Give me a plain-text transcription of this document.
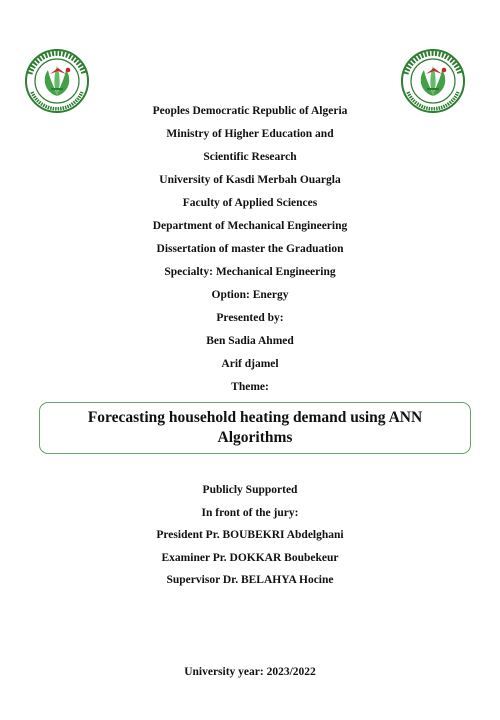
Peoples Democratic Republic of Algeria
Ministry of Higher Education and
Scientific Research
University of Kasdi Merbah Ouargla
Faculty of Applied Sciences
Department of Mechanical Engineering
Dissertation of master the Graduation
Specialty: Mechanical Engineering
Option: Energy
Presented by:
Ben Sadia Ahmed
Arif djamel
Theme:
Forecasting household heating demand using ANN Algorithms
Publicly Supported
In front of the jury:
President Pr. BOUBEKRI Abdelghani
Examiner Pr. DOKKAR Boubekeur
Supervisor Dr. BELAHYA Hocine
University year: 2023/2022
